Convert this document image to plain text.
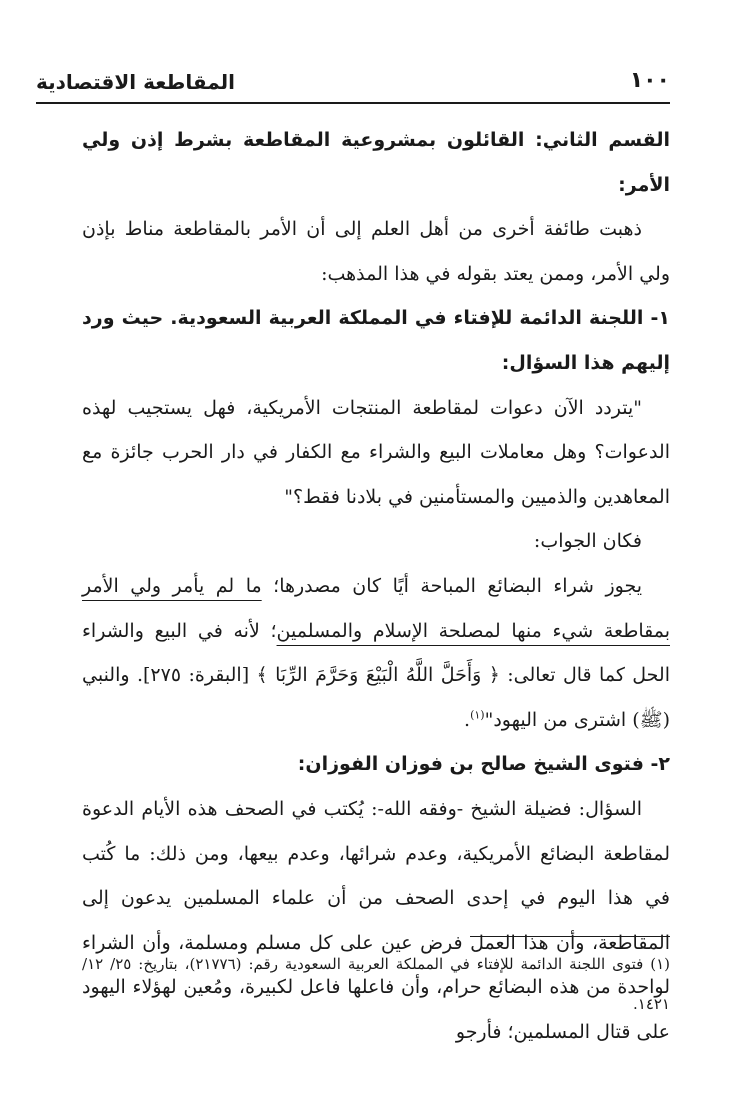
المقاطعة الاقتصادية	١٠٠

القسم الثاني: القائلون بمشروعية المقاطعة بشرط إذن ولي الأمر:

ذهبت طائفة أخرى من أهل العلم إلى أن الأمر بالمقاطعة مناط بإذن ولي الأمر، وممن يعتد بقوله في هذا المذهب:

١- اللجنة الدائمة للإفتاء في المملكة العربية السعودية. حيث ورد إليهم هذا السؤال:

"يتردد الآن دعوات لمقاطعة المنتجات الأمريكية، فهل يستجيب لهذه الدعوات؟ وهل معاملات البيع والشراء مع الكفار في دار الحرب جائزة مع المعاهدين والذميين والمستأمنين في بلادنا فقط؟"

فكان الجواب:

يجوز شراء البضائع المباحة أيًا كان مصدرها؛ ما لم يأمر ولي الأمر بمقاطعة شيء منها لمصلحة الإسلام والمسلمين؛ لأنه في البيع والشراء الحل كما قال تعالى: ﴿ وَأَحَلَّ اللَّهُ الْبَيْعَ وَحَرَّمَ الرِّبَا ﴾ [البقرة: ٢٧٥]. والنبي (ﷺ) اشترى من اليهود"$^{(١)}$.

٢- فتوى الشيخ صالح بن فوزان الفوزان:

السؤال: فضيلة الشيخ -وفقه الله-: يُكتب في الصحف هذه الأيام الدعوة لمقاطعة البضائع الأمريكية، وعدم شرائها، وعدم بيعها، ومن ذلك: ما كُتب في هذا اليوم في إحدى الصحف من أن علماء المسلمين يدعون إلى المقاطعة، وأن هذا العمل فرض عين على كل مسلم ومسلمة، وأن الشراء لواحدة من هذه البضائع حرام، وأن فاعلها فاعل لكبيرة، ومُعين لهؤلاء اليهود على قتال المسلمين؛ فأرجو

(١) فتوى اللجنة الدائمة للإفتاء في المملكة العربية السعودية رقم: (٢١٧٧٦)، بتاريخ: ٢٥/ ١٢/ ١٤٢١.
